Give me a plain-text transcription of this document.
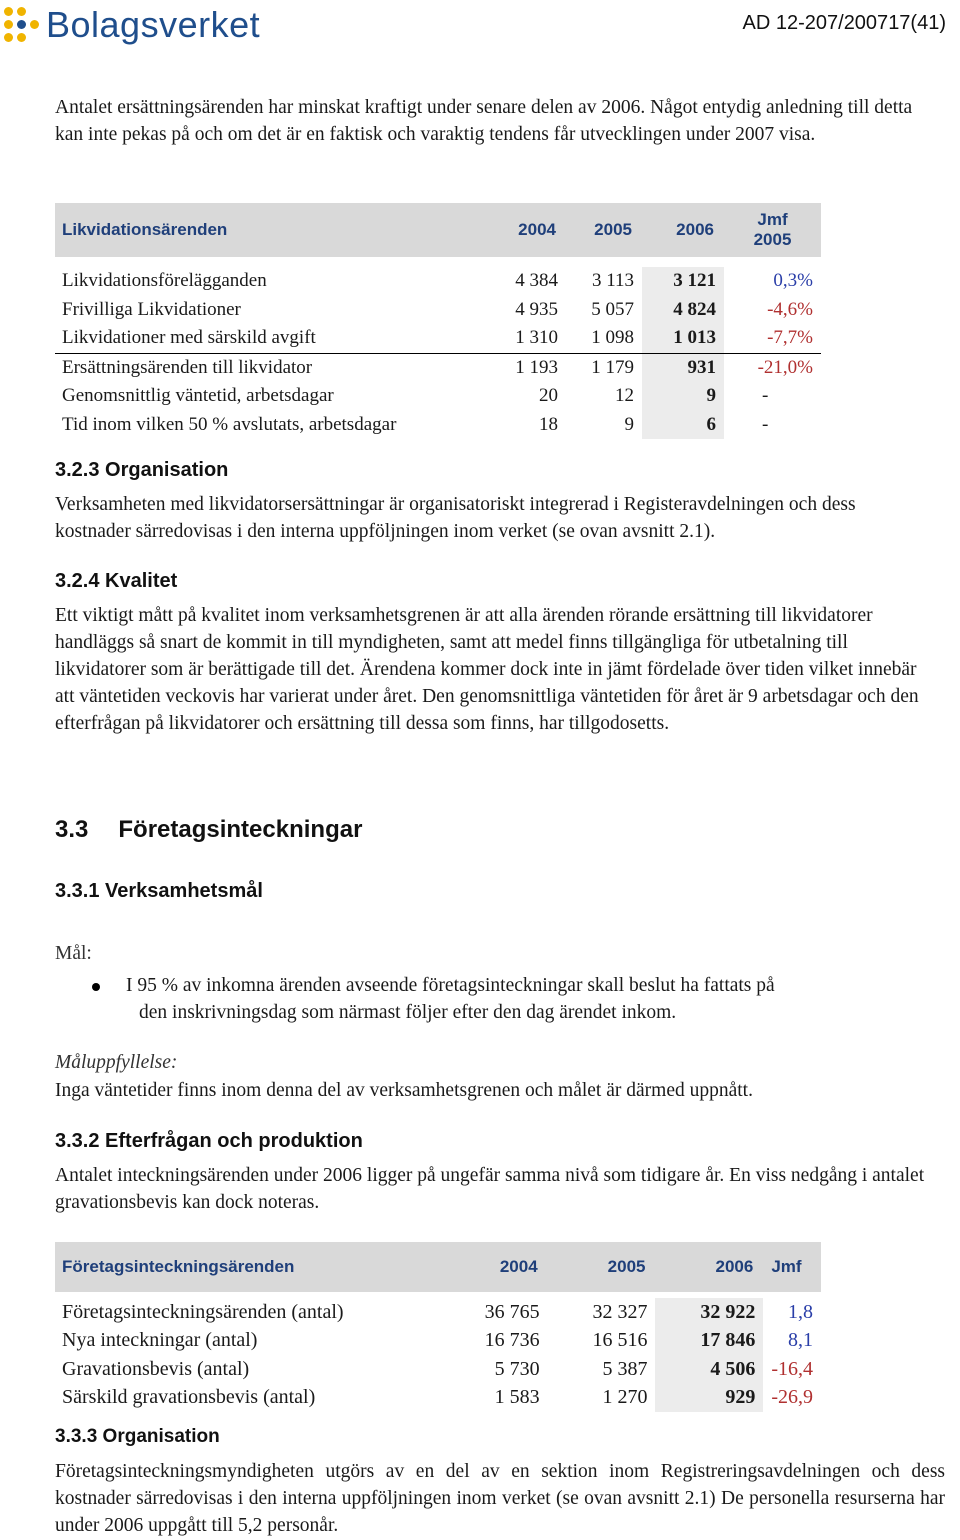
Bolagsverket	AD 12-207/200717(41)

Antalet ersättningsärenden har minskat kraftigt under senare delen av 2006. Något entydig anledning till detta kan inte pekas på och om det är en faktisk och varaktig tendens får utvecklingen under 2007 visa.

Likvidationsärenden	2004	2005	2006	Jmf
2005

Likvidationsförelägganden	4 384	3 113	3 121	0,3%
Frivilliga Likvidationer	4 935	5 057	4 824	-4,6%
Likvidationer med särskild avgift	1 310	1 098	1 013	-7,7%

Ersättningsärenden till likvidator	1 193	1 179	931	-21,0%
Genomsnittlig väntetid, arbetsdagar	20	12	9	-
Tid inom vilken 50 % avslutats, arbetsdagar	18	9	6	-
3.2.3 Organisation

Verksamheten med likvidatorsersättningar är organisatoriskt integrerad i Registeravdelningen och dess kostnader särredovisas i den interna uppföljningen inom verket (se ovan avsnitt 2.1).

3.2.4 Kvalitet

Ett viktigt mått på kvalitet inom verksamhetsgrenen är att alla ärenden rörande ersättning till likvidatorer handläggs så snart de kommit in till myndigheten, samt att medel finns tillgängliga för utbetalning till likvidatorer som är berättigade till det. Ärendena kommer dock inte in jämt fördelade över tiden vilket innebär att väntetiden veckovis har varierat under året. Den genomsnittliga väntetiden för året är 9 arbetsdagar och den efterfrågan på likvidatorer och ersättning till dessa som finns, har tillgodosetts.

3.3 Företagsinteckningar
3.3.1 Verksamhetsmål

Mål:

I 95 % av inkomna ärenden avseende företagsinteckningar skall beslut ha fattats på
den inskrivningsdag som närmast följer efter den dag ärendet inkom.

Måluppfyllelse:

Inga väntetider finns inom denna del av verksamhetsgrenen och målet är därmed uppnått.

3.3.2 Efterfrågan och produktion

Antalet inteckningsärenden under 2006 ligger på ungefär samma nivå som tidigare år. En viss nedgång i antalet gravationsbevis kan dock noteras.

Företagsinteckningsärenden	2004	2005	2006	Jmf

Företagsinteckningsärenden (antal)	36 765	32 327	32 922	1,8
Nya inteckningar (antal)	16 736	16 516	17 846	8,1
Gravationsbevis (antal)	5 730	5 387	4 506	-16,4
Särskild gravationsbevis (antal)	1 583	1 270	929	-26,9
3.3.3 Organisation

Företagsinteckningsmyndigheten utgörs av en del av en sektion inom Registreringsavdelningen och dess kostnader särredovisas i den interna uppföljningen inom verket (se ovan avsnitt 2.1) De personella resurserna har under 2006 uppgått till 5,2 personår.
